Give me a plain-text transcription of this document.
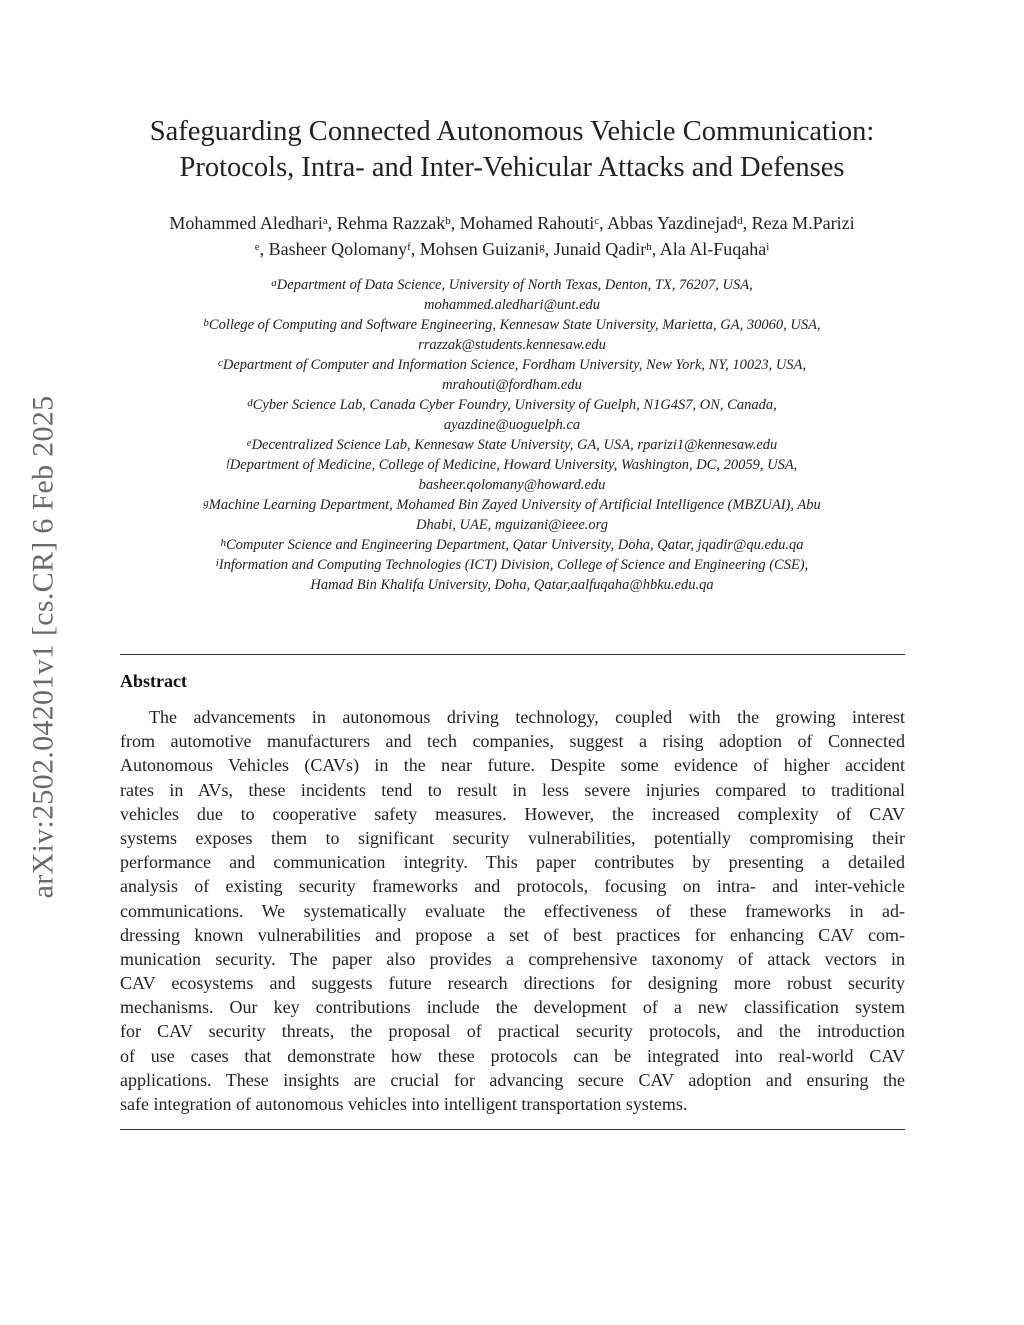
arXiv:2502.04201v1 [cs.CR] 6 Feb 2025
Safeguarding Connected Autonomous Vehicle Communication:
Protocols, Intra- and Inter-Vehicular Attacks and Defenses
Mohammed Aledhari$^a$, Rehma Razzak$^b$, Mohamed Rahouti$^c$, Abbas Yazdinejad$^d$, Reza M.Parizi
$^e$, Basheer Qolomany$^f$, Mohsen Guizani$^g$, Junaid Qadir$^h$, Ala Al-Fuqaha$^i$
$^a$Department of Data Science, University of North Texas, Denton, TX, 76207, USA,
mohammed.aledhari@unt.edu
$^b$College of Computing and Software Engineering, Kennesaw State University, Marietta, GA, 30060, USA,
rrazzak@students.kennesaw.edu
$^c$Department of Computer and Information Science, Fordham University, New York, NY, 10023, USA,
mrahouti@fordham.edu
$^d$Cyber Science Lab, Canada Cyber Foundry, University of Guelph, N1G4S7, ON, Canada,
ayazdine@uoguelph.ca
$^e$Decentralized Science Lab, Kennesaw State University, GA, USA, rparizi1@kennesaw.edu
$^f$Department of Medicine, College of Medicine, Howard University, Washington, DC, 20059, USA,
basheer.qolomany@howard.edu
$^g$Machine Learning Department, Mohamed Bin Zayed University of Artificial Intelligence (MBZUAI), Abu
Dhabi, UAE, mguizani@ieee.org
$^h$Computer Science and Engineering Department, Qatar University, Doha, Qatar, jqadir@qu.edu.qa
$^i$Information and Computing Technologies (ICT) Division, College of Science and Engineering (CSE),
Hamad Bin Khalifa University, Doha, Qatar,aalfuqaha@hbku.edu.qa
Abstract
The advancements in autonomous driving technology, coupled with the growing interest
from automotive manufacturers and tech companies, suggest a rising adoption of Connected
Autonomous Vehicles (CAVs) in the near future. Despite some evidence of higher accident
rates in AVs, these incidents tend to result in less severe injuries compared to traditional
vehicles due to cooperative safety measures. However, the increased complexity of CAV
systems exposes them to significant security vulnerabilities, potentially compromising their
performance and communication integrity. This paper contributes by presenting a detailed
analysis of existing security frameworks and protocols, focusing on intra- and inter-vehicle
communications. We systematically evaluate the effectiveness of these frameworks in ad-
dressing known vulnerabilities and propose a set of best practices for enhancing CAV com-
munication security. The paper also provides a comprehensive taxonomy of attack vectors in
CAV ecosystems and suggests future research directions for designing more robust security
mechanisms. Our key contributions include the development of a new classification system
for CAV security threats, the proposal of practical security protocols, and the introduction
of use cases that demonstrate how these protocols can be integrated into real-world CAV
applications. These insights are crucial for advancing secure CAV adoption and ensuring the
safe integration of autonomous vehicles into intelligent transportation systems.
